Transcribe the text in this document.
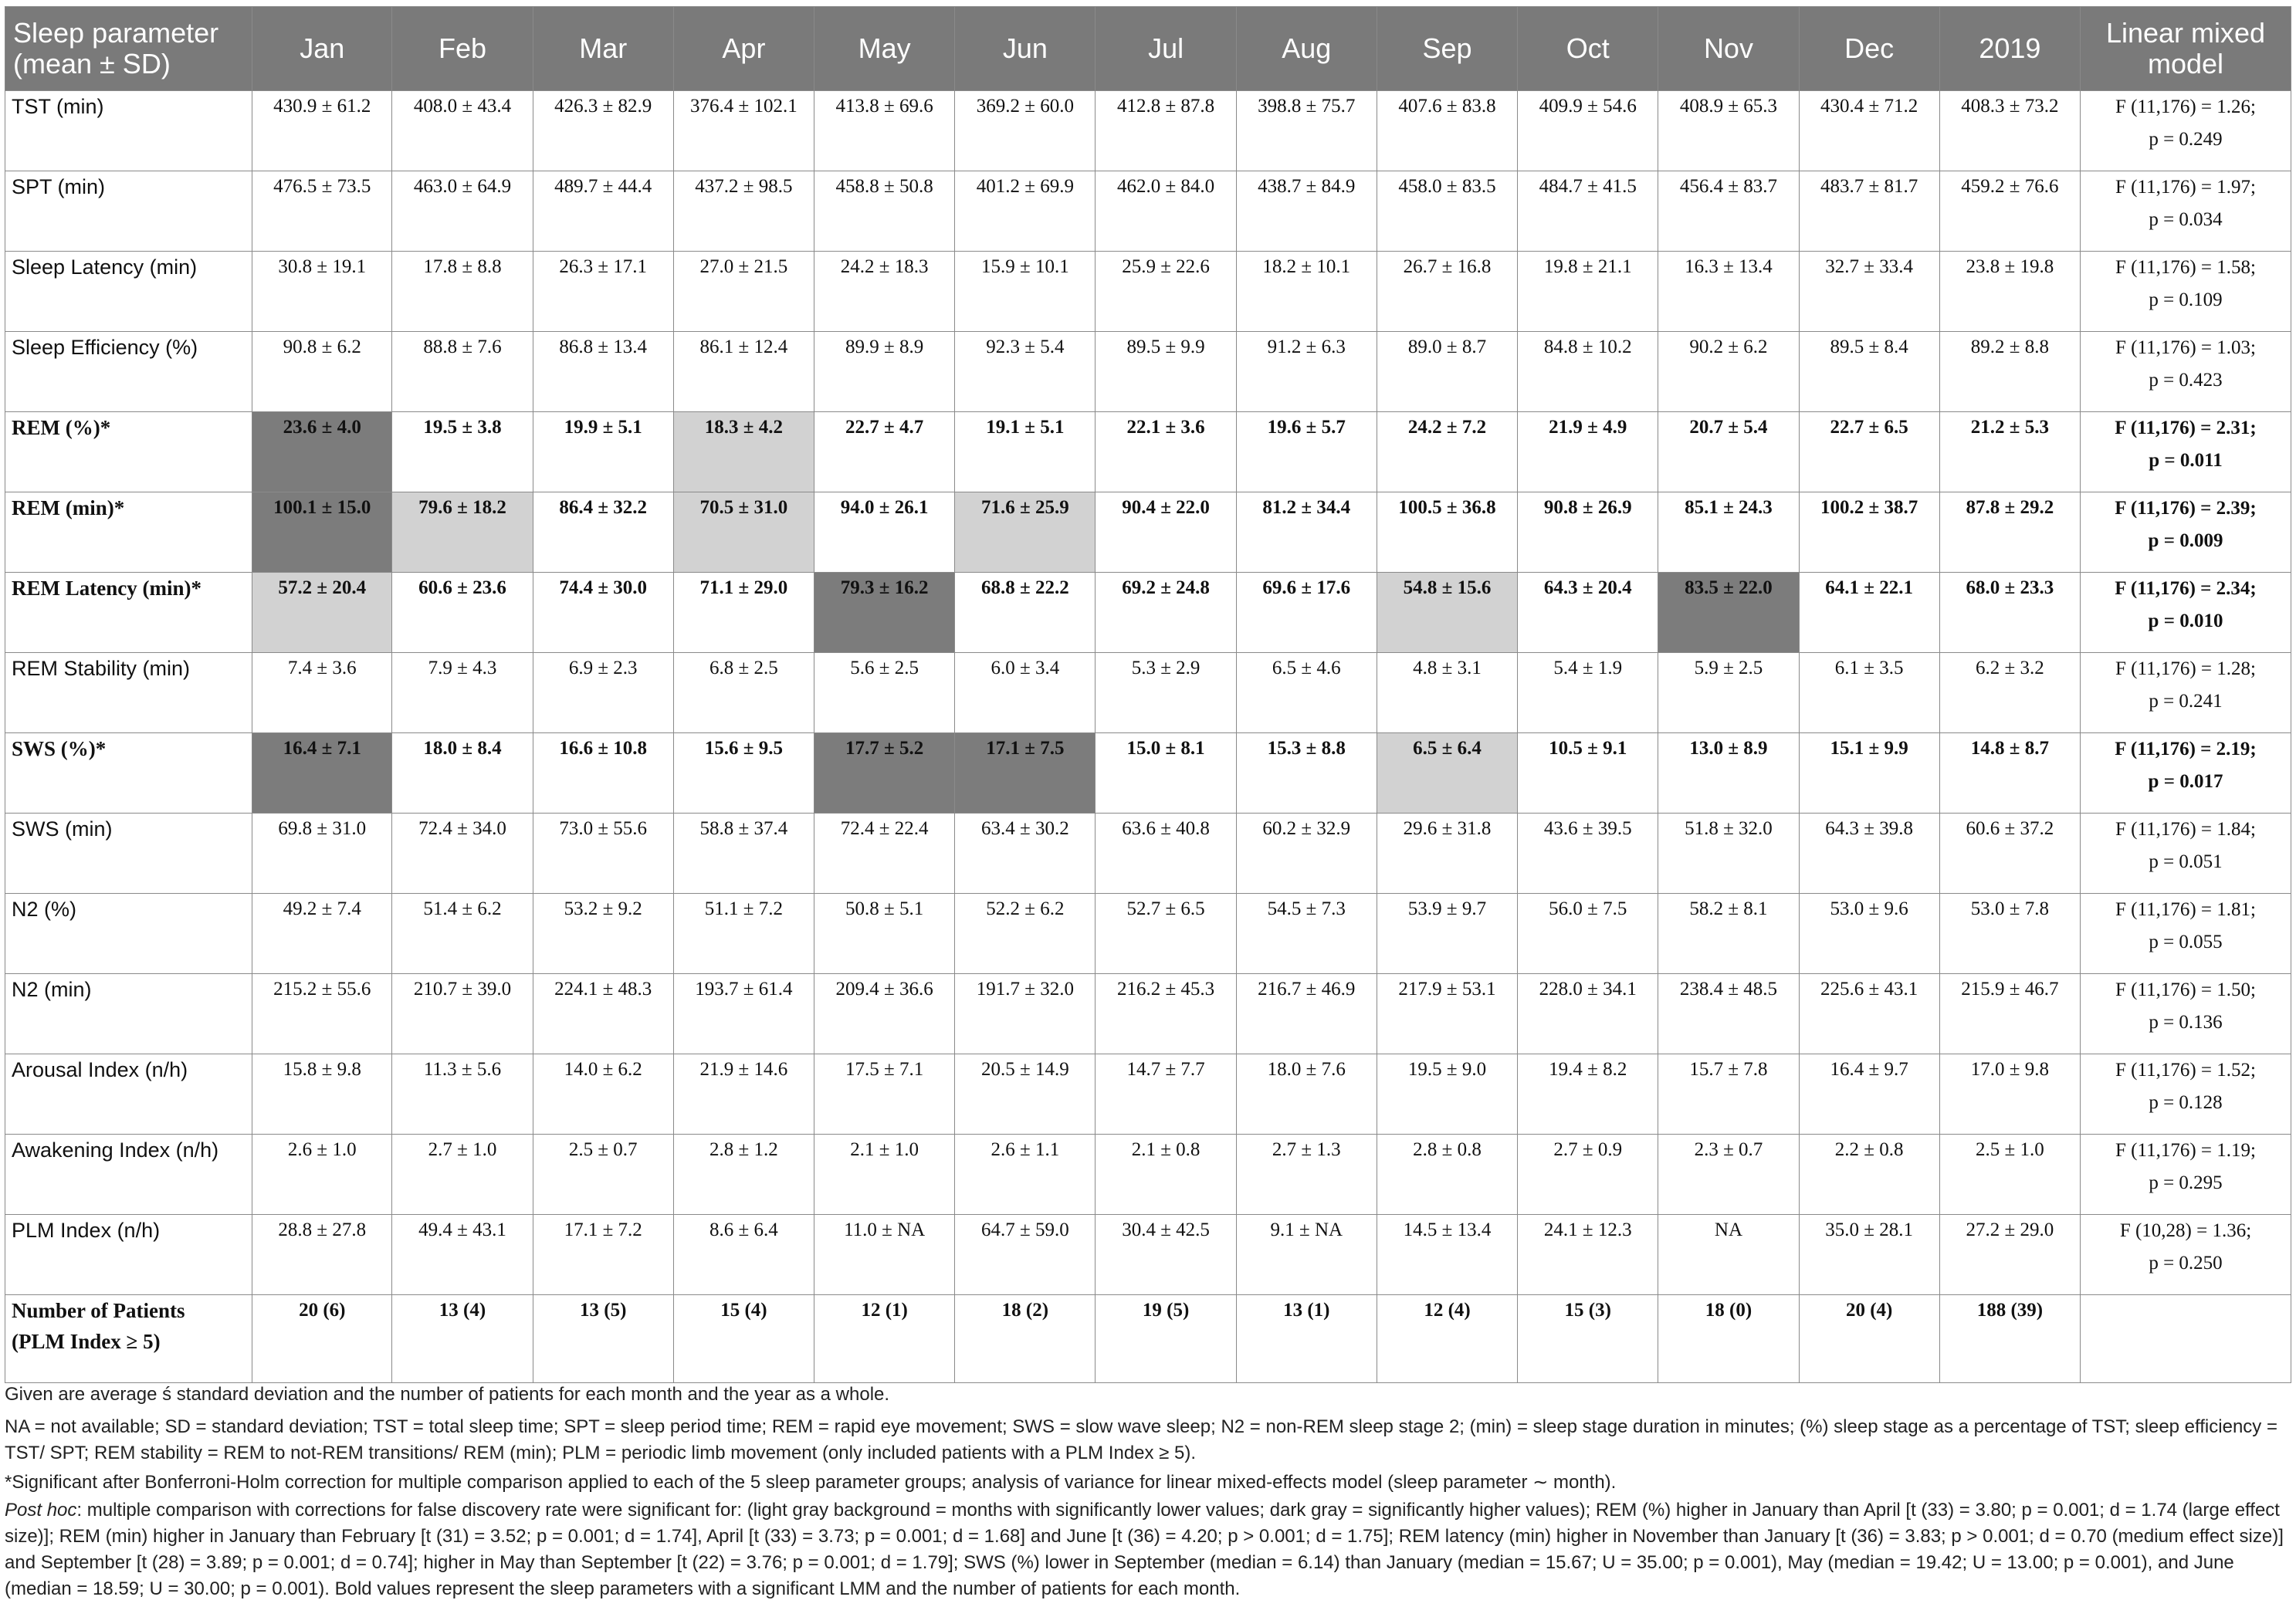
Sleep parameter (mean ± SD)	Jan	Feb	Mar	Apr	May	Jun	Jul	Aug	Sep	Oct	Nov	Dec	2019	Linear mixed model
TST (min)	430.9 ± 61.2	408.0 ± 43.4	426.3 ± 82.9	376.4 ± 102.1	413.8 ± 69.6	369.2 ± 60.0	412.8 ± 87.8	398.8 ± 75.7	407.6 ± 83.8	409.9 ± 54.6	408.9 ± 65.3	430.4 ± 71.2	408.3 ± 73.2	F (11,176) = 1.26;
p = 0.249

SPT (min)	476.5 ± 73.5	463.0 ± 64.9	489.7 ± 44.4	437.2 ± 98.5	458.8 ± 50.8	401.2 ± 69.9	462.0 ± 84.0	438.7 ± 84.9	458.0 ± 83.5	484.7 ± 41.5	456.4 ± 83.7	483.7 ± 81.7	459.2 ± 76.6	F (11,176) = 1.97;
p = 0.034

Sleep Latency (min)	30.8 ± 19.1	17.8 ± 8.8	26.3 ± 17.1	27.0 ± 21.5	24.2 ± 18.3	15.9 ± 10.1	25.9 ± 22.6	18.2 ± 10.1	26.7 ± 16.8	19.8 ± 21.1	16.3 ± 13.4	32.7 ± 33.4	23.8 ± 19.8	F (11,176) = 1.58;
p = 0.109

Sleep Efficiency (%)	90.8 ± 6.2	88.8 ± 7.6	86.8 ± 13.4	86.1 ± 12.4	89.9 ± 8.9	92.3 ± 5.4	89.5 ± 9.9	91.2 ± 6.3	89.0 ± 8.7	84.8 ± 10.2	90.2 ± 6.2	89.5 ± 8.4	89.2 ± 8.8	F (11,176) = 1.03;
p = 0.423

REM (%)*	23.6 ± 4.0	19.5 ± 3.8	19.9 ± 5.1	18.3 ± 4.2	22.7 ± 4.7	19.1 ± 5.1	22.1 ± 3.6	19.6 ± 5.7	24.2 ± 7.2	21.9 ± 4.9	20.7 ± 5.4	22.7 ± 6.5	21.2 ± 5.3	F (11,176) = 2.31;
p = 0.011

REM (min)*	100.1 ± 15.0	79.6 ± 18.2	86.4 ± 32.2	70.5 ± 31.0	94.0 ± 26.1	71.6 ± 25.9	90.4 ± 22.0	81.2 ± 34.4	100.5 ± 36.8	90.8 ± 26.9	85.1 ± 24.3	100.2 ± 38.7	87.8 ± 29.2	F (11,176) = 2.39;
p = 0.009

REM Latency (min)*	57.2 ± 20.4	60.6 ± 23.6	74.4 ± 30.0	71.1 ± 29.0	79.3 ± 16.2	68.8 ± 22.2	69.2 ± 24.8	69.6 ± 17.6	54.8 ± 15.6	64.3 ± 20.4	83.5 ± 22.0	64.1 ± 22.1	68.0 ± 23.3	F (11,176) = 2.34;
p = 0.010

REM Stability (min)	7.4 ± 3.6	7.9 ± 4.3	6.9 ± 2.3	6.8 ± 2.5	5.6 ± 2.5	6.0 ± 3.4	5.3 ± 2.9	6.5 ± 4.6	4.8 ± 3.1	5.4 ± 1.9	5.9 ± 2.5	6.1 ± 3.5	6.2 ± 3.2	F (11,176) = 1.28;
p = 0.241

SWS (%)*	16.4 ± 7.1	18.0 ± 8.4	16.6 ± 10.8	15.6 ± 9.5	17.7 ± 5.2	17.1 ± 7.5	15.0 ± 8.1	15.3 ± 8.8	6.5 ± 6.4	10.5 ± 9.1	13.0 ± 8.9	15.1 ± 9.9	14.8 ± 8.7	F (11,176) = 2.19;
p = 0.017

SWS (min)	69.8 ± 31.0	72.4 ± 34.0	73.0 ± 55.6	58.8 ± 37.4	72.4 ± 22.4	63.4 ± 30.2	63.6 ± 40.8	60.2 ± 32.9	29.6 ± 31.8	43.6 ± 39.5	51.8 ± 32.0	64.3 ± 39.8	60.6 ± 37.2	F (11,176) = 1.84;
p = 0.051

N2 (%)	49.2 ± 7.4	51.4 ± 6.2	53.2 ± 9.2	51.1 ± 7.2	50.8 ± 5.1	52.2 ± 6.2	52.7 ± 6.5	54.5 ± 7.3	53.9 ± 9.7	56.0 ± 7.5	58.2 ± 8.1	53.0 ± 9.6	53.0 ± 7.8	F (11,176) = 1.81;
p = 0.055

N2 (min)	215.2 ± 55.6	210.7 ± 39.0	224.1 ± 48.3	193.7 ± 61.4	209.4 ± 36.6	191.7 ± 32.0	216.2 ± 45.3	216.7 ± 46.9	217.9 ± 53.1	228.0 ± 34.1	238.4 ± 48.5	225.6 ± 43.1	215.9 ± 46.7	F (11,176) = 1.50;
p = 0.136

Arousal Index (n/h)	15.8 ± 9.8	11.3 ± 5.6	14.0 ± 6.2	21.9 ± 14.6	17.5 ± 7.1	20.5 ± 14.9	14.7 ± 7.7	18.0 ± 7.6	19.5 ± 9.0	19.4 ± 8.2	15.7 ± 7.8	16.4 ± 9.7	17.0 ± 9.8	F (11,176) = 1.52;
p = 0.128

Awakening Index (n/h)	2.6 ± 1.0	2.7 ± 1.0	2.5 ± 0.7	2.8 ± 1.2	2.1 ± 1.0	2.6 ± 1.1	2.1 ± 0.8	2.7 ± 1.3	2.8 ± 0.8	2.7 ± 0.9	2.3 ± 0.7	2.2 ± 0.8	2.5 ± 1.0	F (11,176) = 1.19;
p = 0.295

PLM Index (n/h)	28.8 ± 27.8	49.4 ± 43.1	17.1 ± 7.2	8.6 ± 6.4	11.0 ± NA	64.7 ± 59.0	30.4 ± 42.5	9.1 ± NA	14.5 ± 13.4	24.1 ± 12.3	NA	35.0 ± 28.1	27.2 ± 29.0	F (10,28) = 1.36;
p = 0.250

Number of Patients
(PLM Index ≥ 5)	20 (6)	13 (4)	13 (5)	15 (4)	12 (1)	18 (2)	19 (5)	13 (1)	12 (4)	15 (3)	18 (0)	20 (4)	188 (39)	

Given are average ś standard deviation and the number of patients for each month and the year as a whole.

NA = not available; SD = standard deviation; TST = total sleep time; SPT = sleep period time; REM = rapid eye movement; SWS = slow wave sleep; N2 = non-REM sleep stage 2; (min) = sleep stage duration in minutes; (%) sleep stage as a percentage of TST; sleep efficiency = TST/ SPT; REM stability = REM to not-REM transitions/ REM (min); PLM = periodic limb movement (only included patients with a PLM Index ≥ 5).

*Significant after Bonferroni-Holm correction for multiple comparison applied to each of the 5 sleep parameter groups; analysis of variance for linear mixed-effects model (sleep parameter ∼ month).

Post hoc: multiple comparison with corrections for false discovery rate were significant for: (light gray background = months with significantly lower values; dark gray = significantly higher values); REM (%) higher in January than April [t (33) = 3.80; p = 0.001; d = 1.74 (large effect size)]; REM (min) higher in January than February [t (31) = 3.52; p = 0.001; d = 1.74], April [t (33) = 3.73; p = 0.001; d = 1.68] and June [t (36) = 4.20; p > 0.001; d = 1.75]; REM latency (min) higher in November than January [t (36) = 3.83; p > 0.001; d = 0.70 (medium effect size)] and September [t (28) = 3.89; p = 0.001; d = 0.74]; higher in May than September [t (22) = 3.76; p = 0.001; d = 1.79]; SWS (%) lower in September (median = 6.14) than January (median = 15.67; U = 35.00; p = 0.001), May (median = 19.42; U = 13.00; p = 0.001), and June (median = 18.59; U = 30.00; p = 0.001). Bold values represent the sleep parameters with a significant LMM and the number of patients for each month.
